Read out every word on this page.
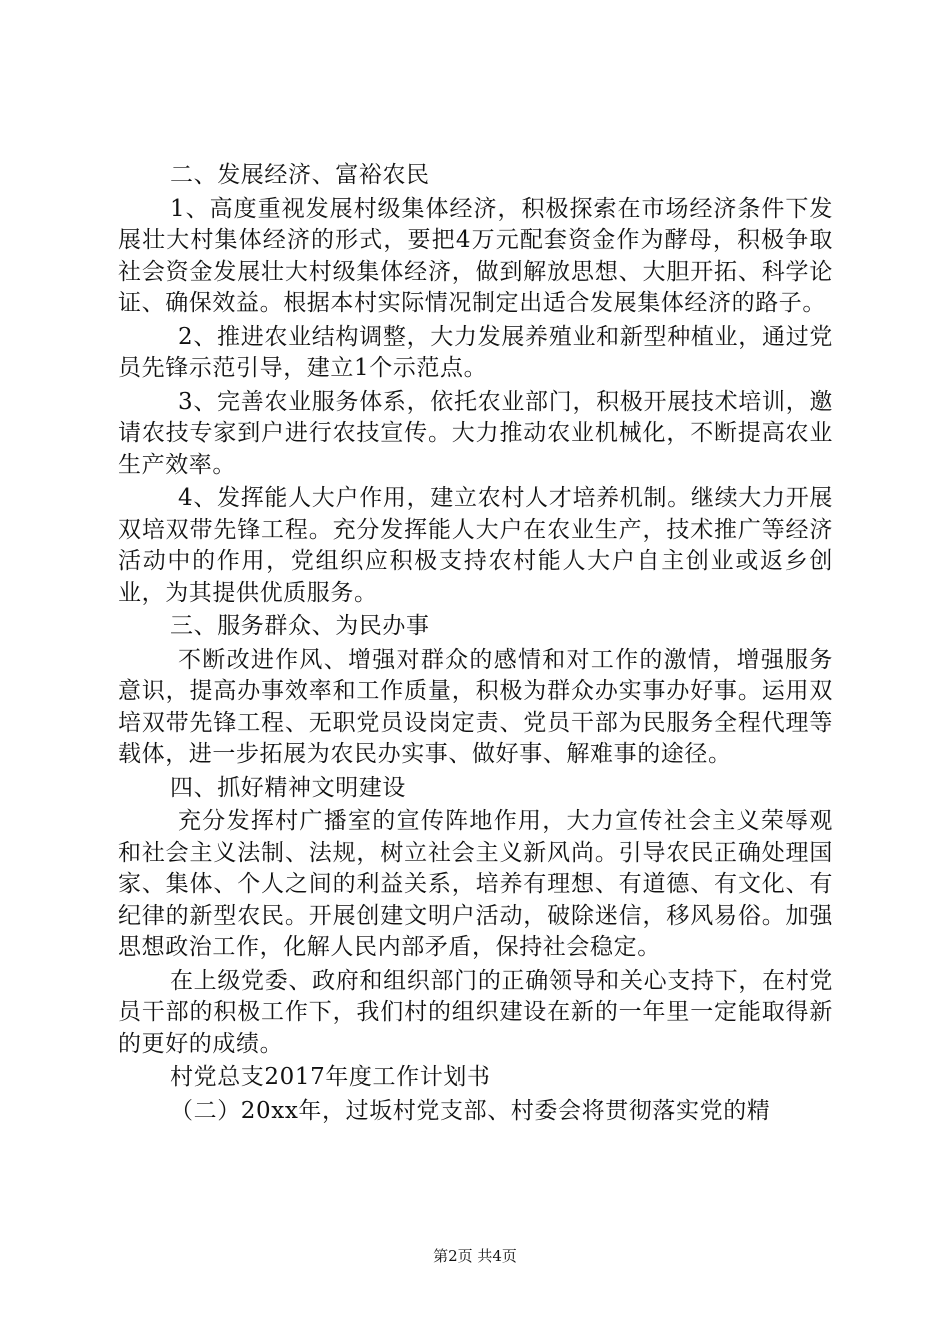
二、发展经济、富裕农民

1、高度重视发展村级集体经济，积极探索在市场经济条件下发展壮大村集体经济的形式，要把4万元配套资金作为酵母，积极争取社会资金发展壮大村级集体经济，做到解放思想、大胆开拓、科学论证、确保效益。根据本村实际情况制定出适合发展集体经济的路子。

2、推进农业结构调整，大力发展养殖业和新型种植业，通过党员先锋示范引导，建立1个示范点。

3、完善农业服务体系，依托农业部门，积极开展技术培训，邀请农技专家到户进行农技宣传。大力推动农业机械化，不断提高农业生产效率。

4、发挥能人大户作用，建立农村人才培养机制。继续大力开展双培双带先锋工程。充分发挥能人大户在农业生产，技术推广等经济活动中的作用，党组织应积极支持农村能人大户自主创业或返乡创业，为其提供优质服务。

三、服务群众、为民办事

不断改进作风、增强对群众的感情和对工作的激情，增强服务意识，提高办事效率和工作质量，积极为群众办实事办好事。运用双培双带先锋工程、无职党员设岗定责、党员干部为民服务全程代理等载体，进一步拓展为农民办实事、做好事、解难事的途径。

四、抓好精神文明建设

充分发挥村广播室的宣传阵地作用，大力宣传社会主义荣辱观和社会主义法制、法规，树立社会主义新风尚。引导农民正确处理国家、集体、个人之间的利益关系，培养有理想、有道德、有文化、有纪律的新型农民。开展创建文明户活动，破除迷信，移风易俗。加强思想政治工作，化解人民内部矛盾，保持社会稳定。

在上级党委、政府和组织部门的正确领导和关心支持下，在村党员干部的积极工作下，我们村的组织建设在新的一年里一定能取得新的更好的成绩。

村党总支2017年度工作计划书

（二）20xx年，过坂村党支部、村委会将贯彻落实党的精

第2页 共4页
